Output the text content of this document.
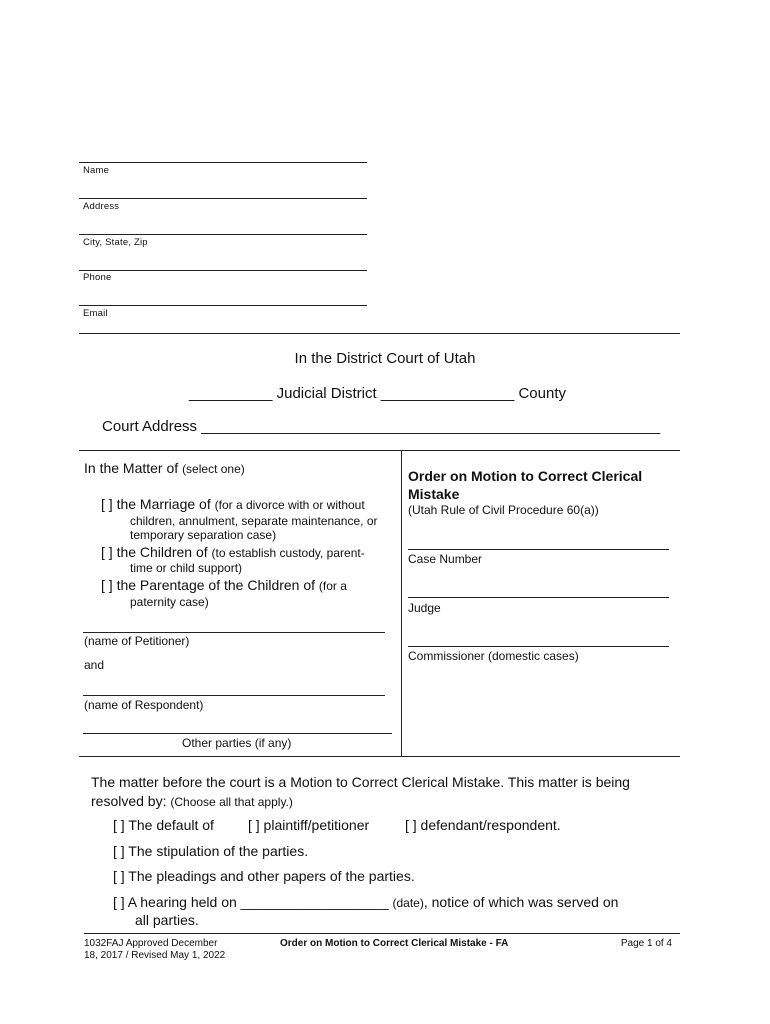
Name
Address
City, State, Zip
Phone
Email
In the District Court of Utah
__________ Judicial District ________________ County
Court Address _______________________________________________________
In the Matter of (select one)
[ ] the Marriage of (for a divorce with or without
children, annulment, separate maintenance, or
temporary separation case)
[ ] the Children of (to establish custody, parent-
time or child support)
[ ] the Parentage of the Children of (for a
paternity case)
(name of Petitioner)
and
(name of Respondent)
Other parties (if any)
Order on Motion to Correct Clerical
Mistake
(Utah Rule of Civil Procedure 60(a))
Case Number
Judge
Commissioner (domestic cases)
The matter before the court is a Motion to Correct Clerical Mistake. This matter is being
resolved by: (Choose all that apply.)
[ ] The default of [ ] plaintiff/petitioner	[ ] defendant/respondent.
[ ] The stipulation of the parties.
[ ] The pleadings and other papers of the parties.
[ ] A hearing held on ___________________ (date), notice of which was served on
all parties.
1032FAJ Approved December
18, 2017 / Revised May 1, 2022
Order on Motion to Correct Clerical Mistake - FA	Page 1 of 4
